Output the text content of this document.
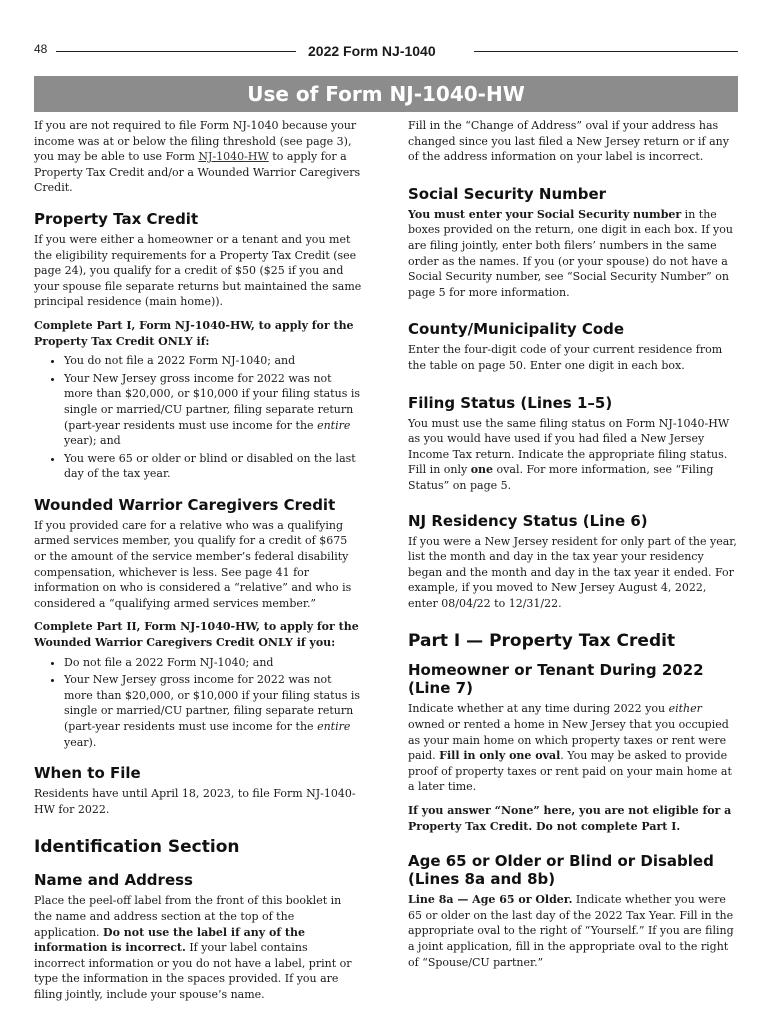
48	2022 Form NJ-1040
Use of Form NJ-1040-HW

If you are not required to file Form NJ-1040 because your income was at or below the filing threshold (see page 3), you may be able to use Form NJ-1040-HW to apply for a Property Tax Credit and/or a Wounded Warrior Caregivers Credit.

Property Tax Credit

If you were either a homeowner or a tenant and you met the eligibility requirements for a Property Tax Credit (see page 24), you qualify for a credit of $50 ($25 if you and your spouse file separate returns but maintained the same principal residence (main home)).

Complete Part I, Form NJ-1040-HW, to apply for the Property Tax Credit ONLY if:

• You do not file a 2022 Form NJ-1040; and
• Your New Jersey gross income for 2022 was not more than $20,000, or $10,000 if your filing status is single or married/CU partner, filing separate return (part-year residents must use income for the entire year); and
• You were 65 or older or blind or disabled on the last day of the tax year.
Wounded Warrior Caregivers Credit

If you provided care for a relative who was a qualifying armed services member, you qualify for a credit of $675 or the amount of the service member’s federal disability compensation, whichever is less. See page 41 for information on who is considered a “relative” and who is considered a “qualifying armed services member.”

Complete Part II, Form NJ-1040-HW, to apply for the Wounded Warrior Caregivers Credit ONLY if you:

• Do not file a 2022 Form NJ-1040; and
• Your New Jersey gross income for 2022 was not more than $20,000, or $10,000 if your filing status is single or married/CU partner, filing separate return (part-year residents must use income for the entire year).
When to File

Residents have until April 18, 2023, to file Form NJ-1040-HW for 2022.

Identification Section
Name and Address

Place the peel-off label from the front of this booklet in the name and address section at the top of the application. Do not use the label if any of the information is incorrect. If your label contains incorrect information or you do not have a label, print or type the information in the spaces provided. If you are filing jointly, include your spouse’s name.

Fill in the “Change of Address” oval if your address has changed since you last filed a New Jersey return or if any of the address information on your label is incorrect.

Social Security Number

You must enter your Social Security number in the boxes provided on the return, one digit in each box. If you are filing jointly, enter both filers’ numbers in the same order as the names. If you (or your spouse) do not have a Social Security number, see “Social Security Number” on page 5 for more information.

County/Municipality Code

Enter the four-digit code of your current residence from the table on page 50. Enter one digit in each box.

Filing Status (Lines 1–5)

You must use the same filing status on Form NJ-1040-HW as you would have used if you had filed a New Jersey Income Tax return. Indicate the appropriate filing status. Fill in only one oval. For more information, see “Filing Status” on page 5.

NJ Residency Status (Line 6)

If you were a New Jersey resident for only part of the year, list the month and day in the tax year your residency began and the month and day in the tax year it ended. For example, if you moved to New Jersey August 4, 2022, enter 08/04/22 to 12/31/22.

Part I — Property Tax Credit
Homeowner or Tenant During 2022 (Line 7)

Indicate whether at any time during 2022 you either owned or rented a home in New Jersey that you occupied as your main home on which property taxes or rent were paid. Fill in only one oval. You may be asked to provide proof of property taxes or rent paid on your main home at a later time.

If you answer “None” here, you are not eligible for a Property Tax Credit. Do not complete Part I.

Age 65 or Older or Blind or Disabled (Lines 8a and 8b)

Line 8a — Age 65 or Older. Indicate whether you were 65 or older on the last day of the 2022 Tax Year. Fill in the appropriate oval to the right of “Yourself.” If you are filing a joint application, fill in the appropriate oval to the right of “Spouse/CU partner.”
